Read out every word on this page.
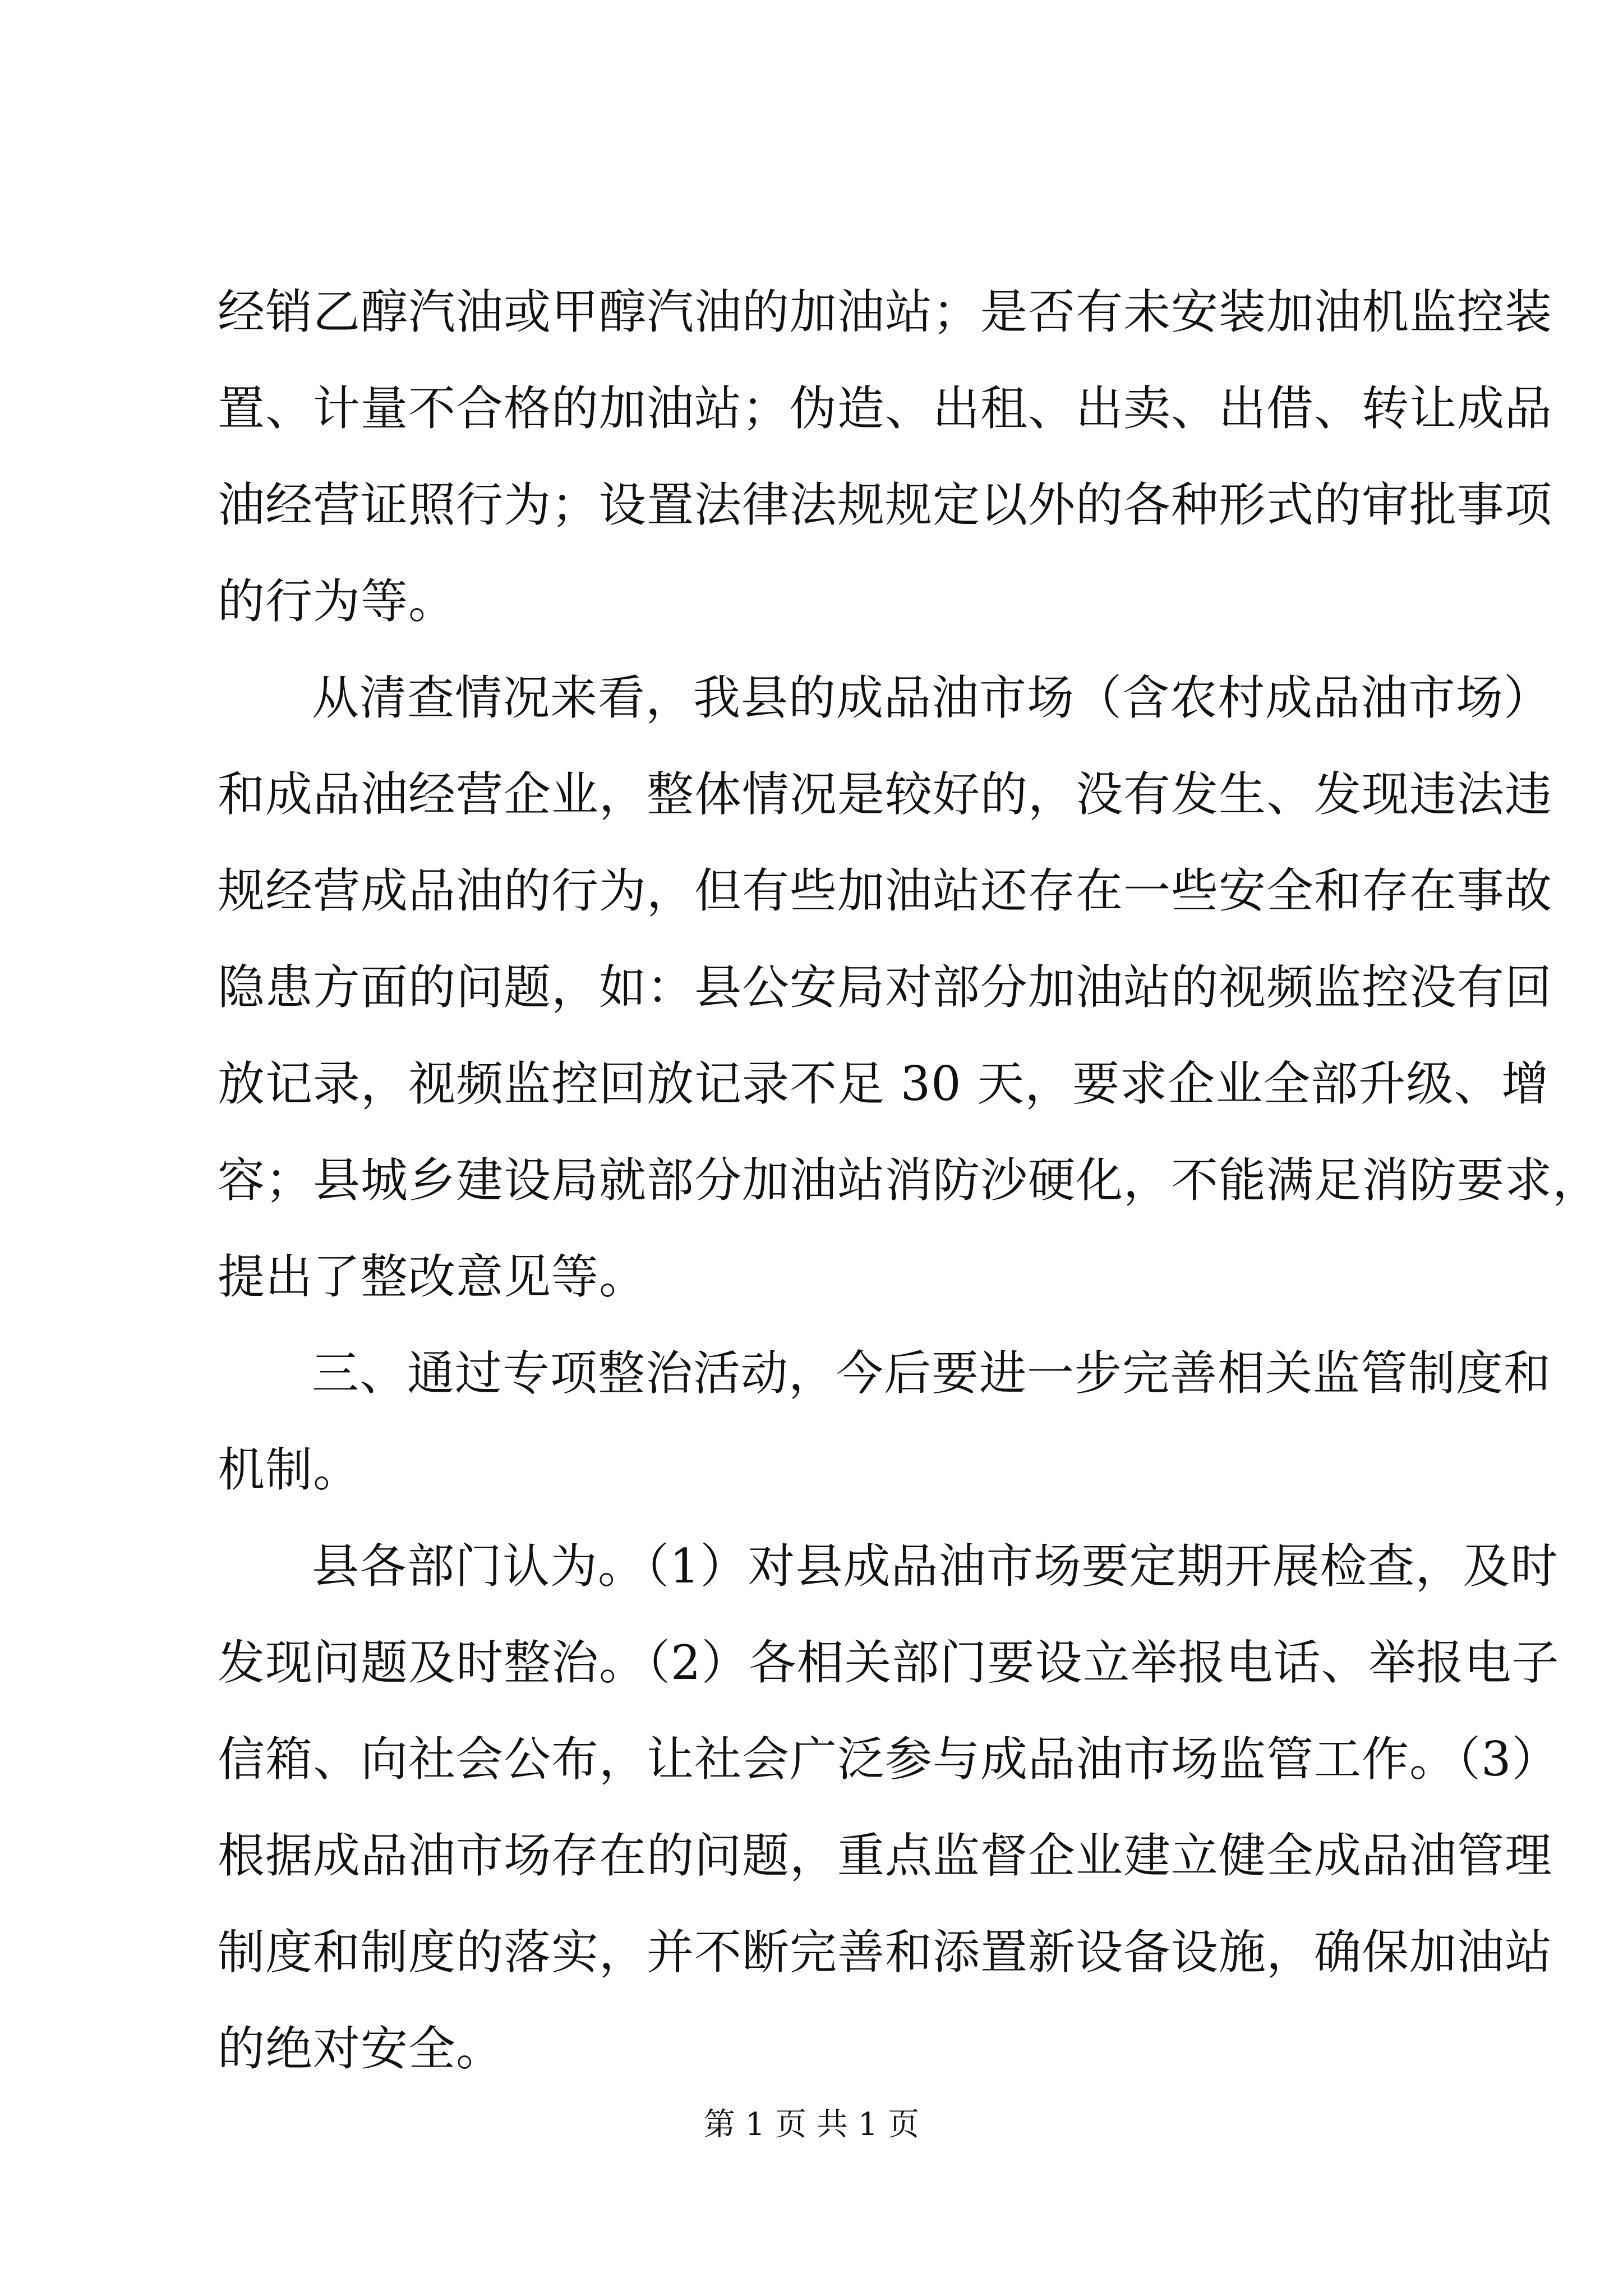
经销乙醇汽油或甲醇汽油的加油站；是否有未安装加油机监控装
置、计量不合格的加油站；伪造、出租、出卖、出借、转让成品
油经营证照行为；设置法律法规规定以外的各种形式的审批事项
的行为等。
从清查情况来看，我县的成品油市场（含农村成品油市场）
和成品油经营企业，整体情况是较好的，没有发生、发现违法违
规经营成品油的行为，但有些加油站还存在一些安全和存在事故
隐患方面的问题，如：县公安局对部分加油站的视频监控没有回
放记录，视频监控回放记录不足 30 天，要求企业全部升级、增
容；县城乡建设局就部分加油站消防沙硬化，不能满足消防要求，
提出了整改意见等。
三、通过专项整治活动，今后要进一步完善相关监管制度和
机制。
县各部门认为。（1）对县成品油市场要定期开展检查，及时
发现问题及时整治。（2）各相关部门要设立举报电话、举报电子
信箱、向社会公布，让社会广泛参与成品油市场监管工作。（3）
根据成品油市场存在的问题，重点监督企业建立健全成品油管理
制度和制度的落实，并不断完善和添置新设备设施，确保加油站
的绝对安全。
第 1 页 共 1 页
